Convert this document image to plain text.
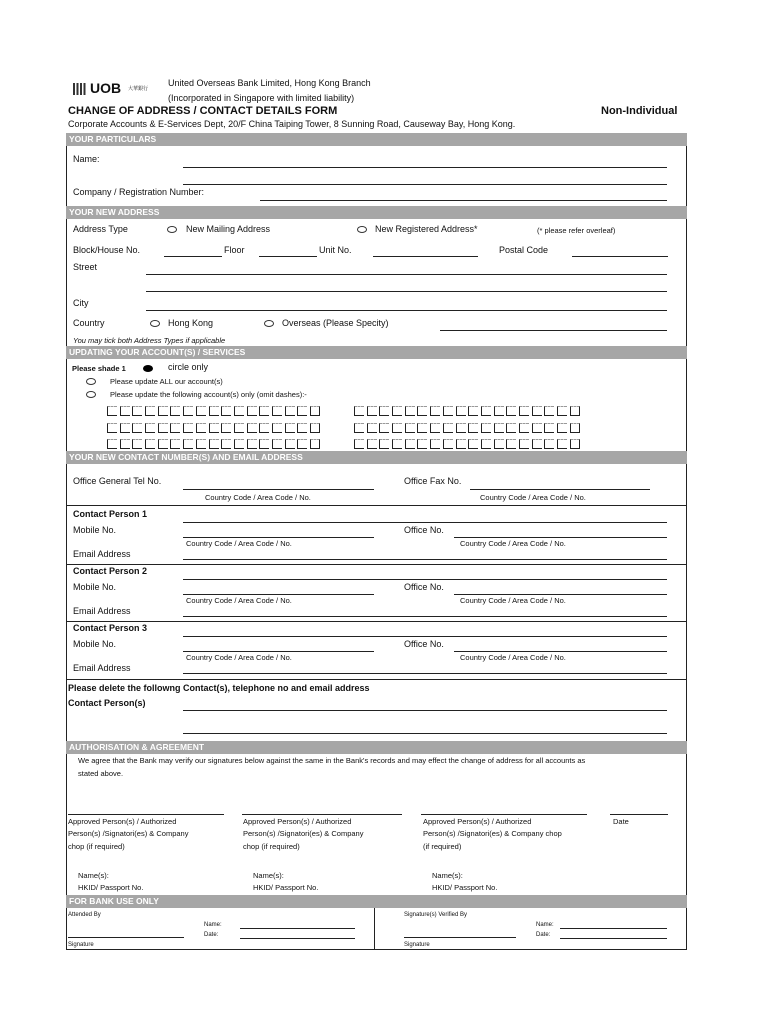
UOB 大華銀行
United Overseas Bank Limited, Hong Kong Branch
(Incorporated in Singapore with limited liability)
CHANGE OF ADDRESS / CONTACT DETAILS FORM	Non-Individual
Corporate Accounts & E-Services Dept, 20/F China Taiping Tower, 8 Sunning Road, Causeway Bay, Hong Kong.
YOUR PARTICULARS
Name:
Company / Registration Number:
YOUR NEW ADDRESS
Address Type	New Mailing Address	New Registered Address*	(* please refer overleaf)
Block/House No.	Floor	Unit No.	Postal Code
Street
City
Country	Hong Kong	Overseas (Please Specity)
You may tick both Address Types if applicable
UPDATING YOUR ACCOUNT(S) / SERVICES
Please shade 1	circle only
Please update ALL our account(s)
Please update the following account(s) only (omit dashes):-
YOUR NEW CONTACT NUMBER(S) AND EMAIL ADDRESS
Office General Tel No.
Country Code / Area Code / No.
Office Fax No.
Country Code / Area Code / No.
Contact Person 1
Mobile No.
Country Code / Area Code / No.
Office No.
Country Code / Area Code / No.
Email Address
Contact Person 2
Mobile No.
Country Code / Area Code / No.
Office No.
Country Code / Area Code / No.
Email Address
Contact Person 3
Mobile No.
Country Code / Area Code / No.
Office No.
Country Code / Area Code / No.
Email Address
Please delete the followng Contact(s), telephone no and email address
Contact Person(s)
AUTHORISATION & AGREEMENT
We agree that the Bank may verify our signatures below against the same in the Bank's records and may effect the change of address for all accounts as
stated above.
Approved Person(s) / Authorized
Person(s) /Signatori(es) & Company
chop (if required)
Approved Person(s) / Authorized
Person(s) /Signatori(es) & Company
chop (if required)
Approved Person(s) / Authorized
Person(s) /Signatori(es) & Company chop
(if required)
Date
Name(s):
HKID/ Passport No.
Name(s):
HKID/ Passport No.
Name(s):
HKID/ Passport No.
FOR BANK USE ONLY
Attended By
Name:
Date:
Signature
Signature(s) Verified By
Name:
Date:
Signature
